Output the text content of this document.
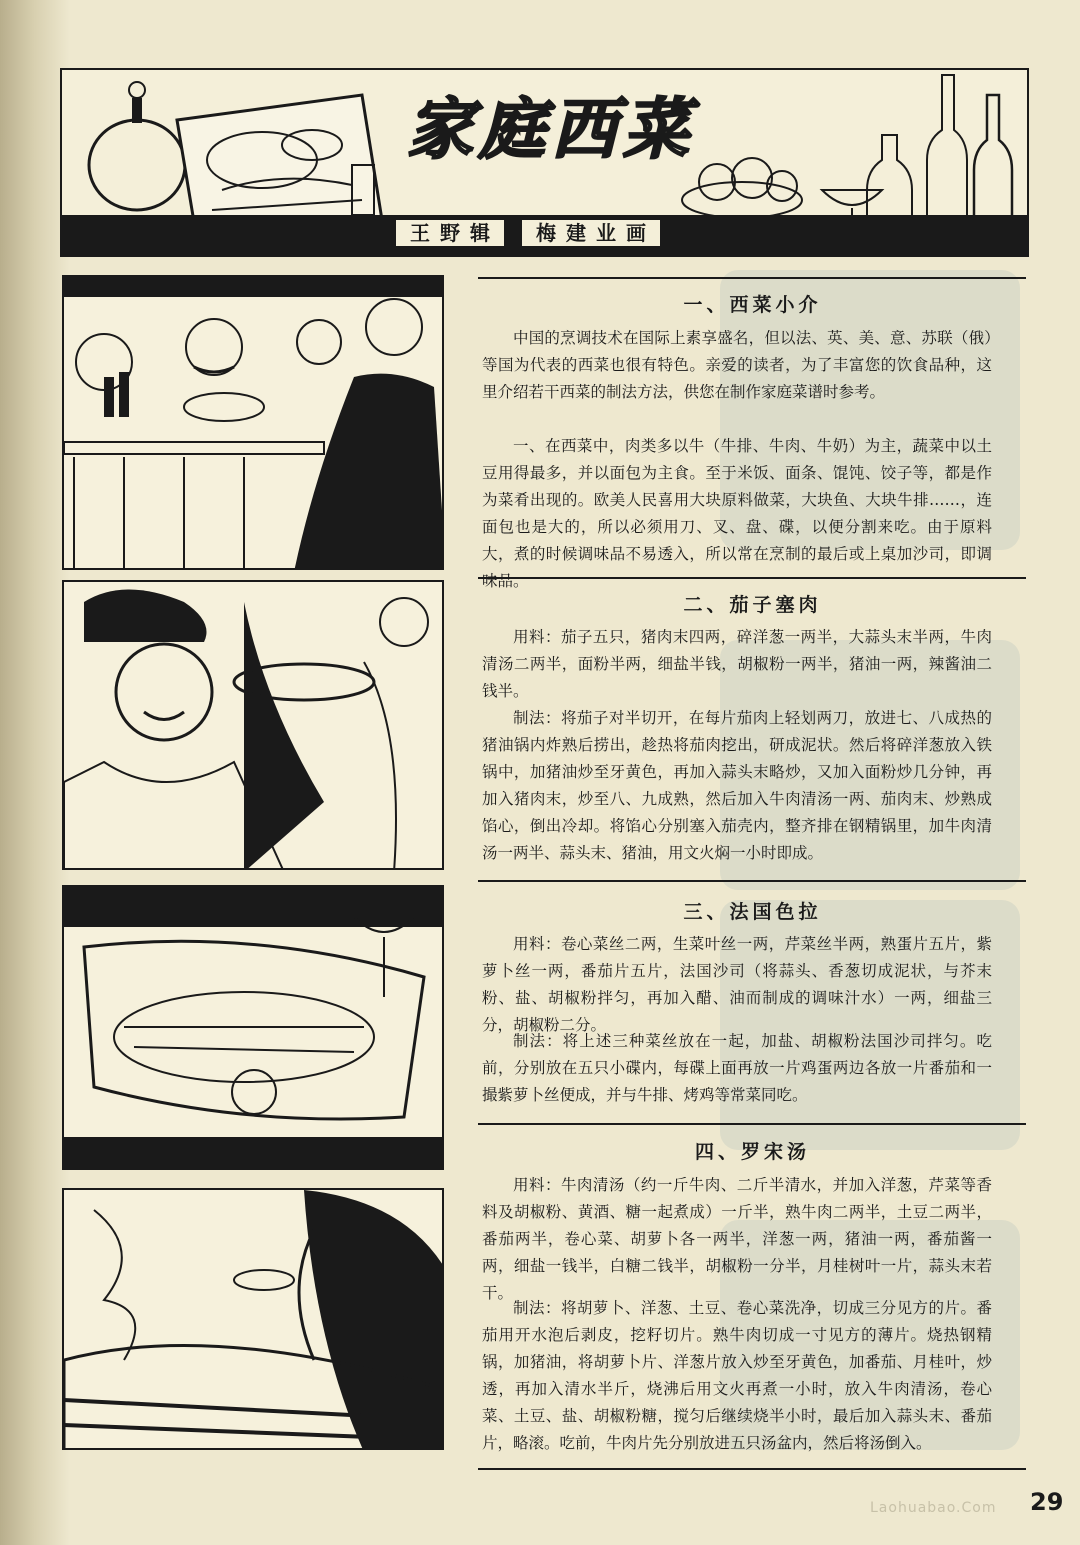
家庭西菜
王野辑	梅建业画
一、西菜小介

中国的烹调技术在国际上素享盛名，但以法、英、美、意、苏联（俄）等国为代表的西菜也很有特色。亲爱的读者，为了丰富您的饮食品种，这里介绍若干西菜的制法方法，供您在制作家庭菜谱时参考。

一、在西菜中，肉类多以牛（牛排、牛肉、牛奶）为主，蔬菜中以土豆用得最多，并以面包为主食。至于米饭、面条、馄饨、饺子等，都是作为菜肴出现的。欧美人民喜用大块原料做菜，大块鱼、大块牛排……，连面包也是大的，所以必须用刀、叉、盘、碟，以便分割来吃。由于原料大，煮的时候调味品不易透入，所以常在烹制的最后或上桌加沙司，即调味品。

二、茄子塞肉

用料：茄子五只，猪肉末四两，碎洋葱一两半，大蒜头末半两，牛肉清汤二两半，面粉半两，细盐半钱，胡椒粉一两半，猪油一两，辣酱油二钱半。

制法：将茄子对半切开，在每片茄肉上轻划两刀，放进七、八成热的猪油锅内炸熟后捞出，趁热将茄肉挖出，研成泥状。然后将碎洋葱放入铁锅中，加猪油炒至牙黄色，再加入蒜头末略炒，又加入面粉炒几分钟，再加入猪肉末，炒至八、九成熟，然后加入牛肉清汤一两、茄肉末、炒熟成馅心，倒出冷却。将馅心分别塞入茄壳内，整齐排在钢精锅里，加牛肉清汤一两半、蒜头末、猪油，用文火焖一小时即成。

三、法国色拉

用料：卷心菜丝二两，生菜叶丝一两，芹菜丝半两，熟蛋片五片，紫萝卜丝一两，番茄片五片，法国沙司（将蒜头、香葱切成泥状，与芥末粉、盐、胡椒粉拌匀，再加入醋、油而制成的调味汁水）一两，细盐三分，胡椒粉二分。

制法：将上述三种菜丝放在一起，加盐、胡椒粉法国沙司拌匀。吃前，分别放在五只小碟内，每碟上面再放一片鸡蛋两边各放一片番茄和一撮紫萝卜丝便成，并与牛排、烤鸡等常菜同吃。

四、罗宋汤

用料：牛肉清汤（约一斤牛肉、二斤半清水，并加入洋葱，芹菜等香料及胡椒粉、黄酒、糖一起煮成）一斤半，熟牛肉二两半，土豆二两半，番茄两半，卷心菜、胡萝卜各一两半，洋葱一两，猪油一两，番茄酱一两，细盐一钱半，白糖二钱半，胡椒粉一分半，月桂树叶一片，蒜头末若干。

制法：将胡萝卜、洋葱、土豆、卷心菜洗净，切成三分见方的片。番茄用开水泡后剥皮，挖籽切片。熟牛肉切成一寸见方的薄片。烧热钢精锅，加猪油，将胡萝卜片、洋葱片放入炒至牙黄色，加番茄、月桂叶，炒透，再加入清水半斤，烧沸后用文火再煮一小时，放入牛肉清汤，卷心菜、土豆、盐、胡椒粉糖，搅匀后继续烧半小时，最后加入蒜头末、番茄片，略滚。吃前，牛肉片先分别放进五只汤盆内，然后将汤倒入。

29
Laohuabao.Com
